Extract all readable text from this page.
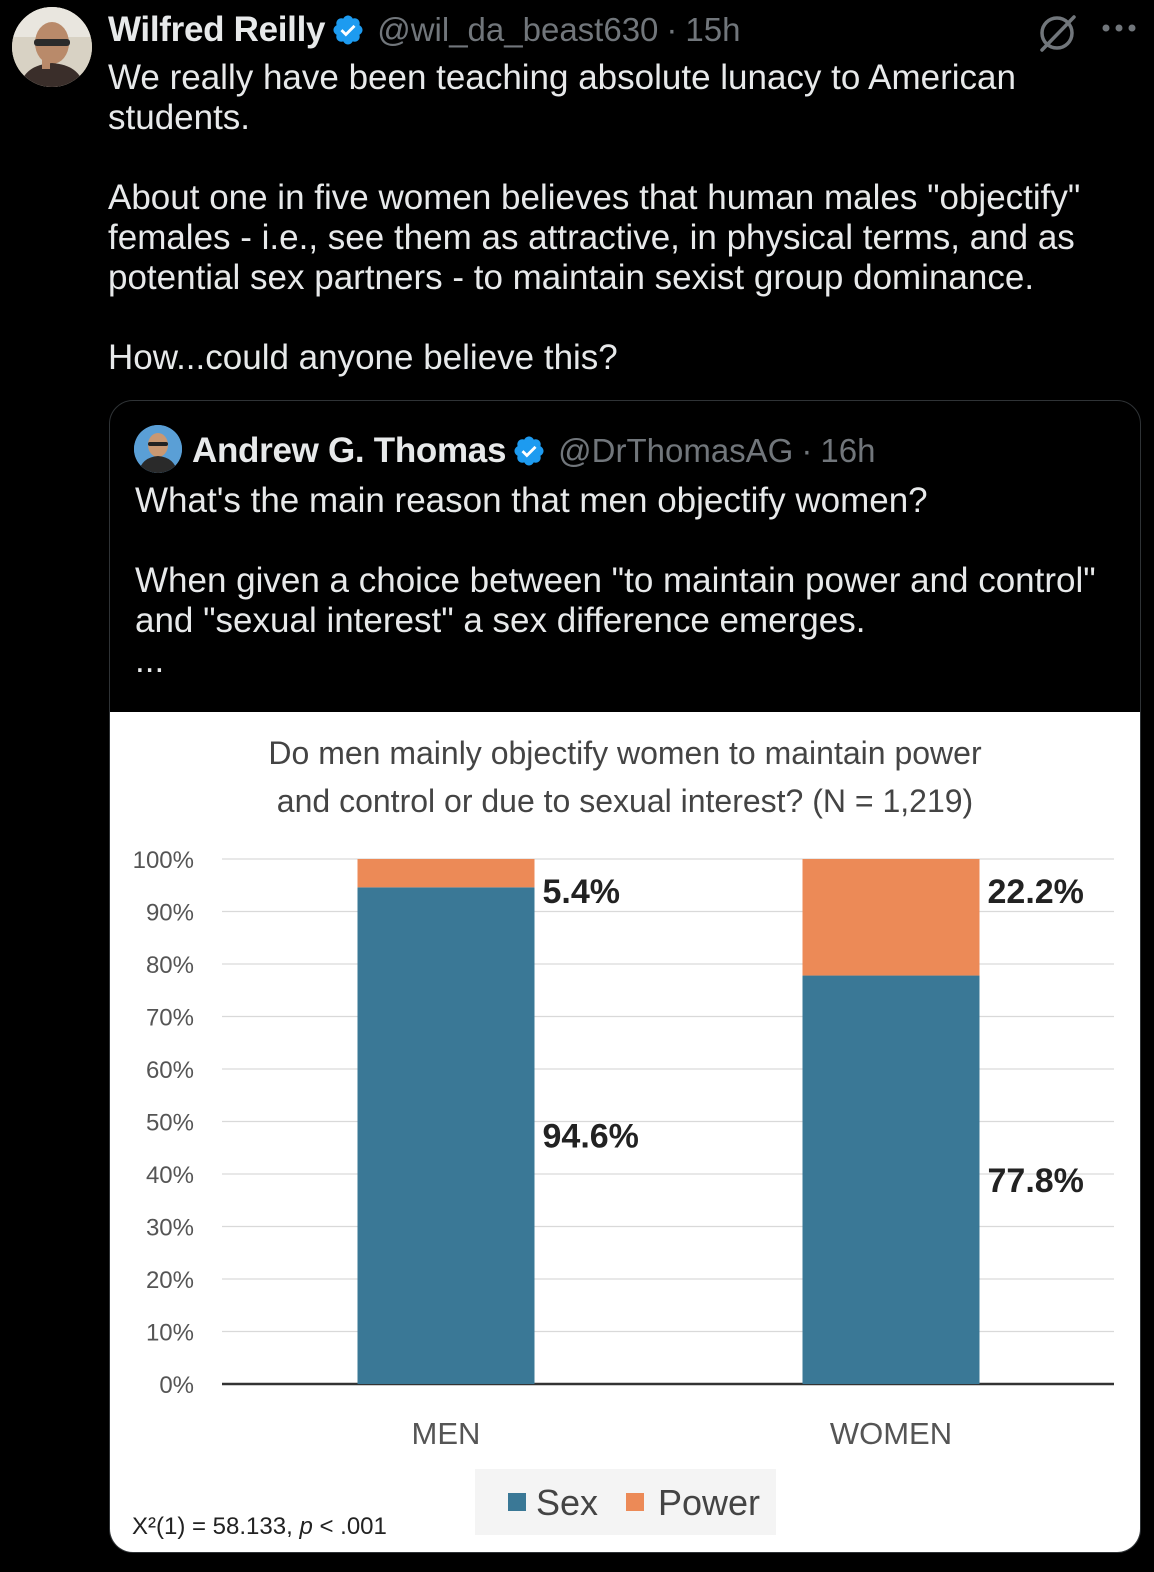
Wilfred Reilly @wil_da_beast630 · 15h
We really have been teaching absolute lunacy to American students.

About one in five women believes that human males "objectify" females - i.e., see them as attractive, in physical terms, and as potential sex partners - to maintain sexist group dominance.

How...could anyone believe this?
Andrew G. Thomas @DrThomasAG · 16h
What's the main reason that men objectify women?

When given a choice between "to maintain power and control" and "sexual interest" a sex difference emerges.
...
Do men mainly objectify women to maintain power
and control or due to sexual interest? (N = 1,219)
0%
10%
20%
30%
40%
50%
60%
70%
80%
90%
100%
94.6%
5.4%
77.8%
22.2%
MEN	WOMEN
Sex Power
X²(1) = 58.133, p < .001
